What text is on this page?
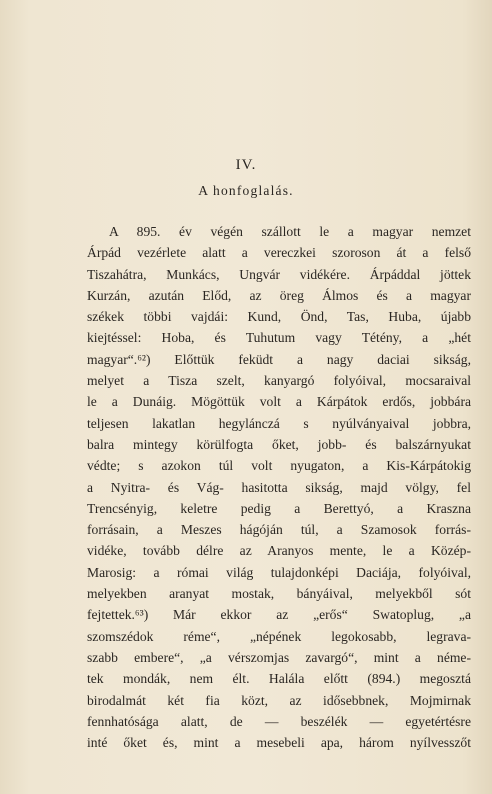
IV.
A honfoglalás.
A 895. év végén szállott le a magyar nemzet
Árpád vezérlete alatt a vereczkei szoroson át a felső
Tiszahátra, Munkács, Ungvár vidékére. Árpáddal jöttek
Kurzán, azután Előd, az öreg Álmos és a magyar
székek többi vajdái: Kund, Önd, Tas, Huba, újabb
kiejtéssel: Hoba, és Tuhutum vagy Tétény, a „hét
magyar“.⁶²) Előttük feküdt a nagy daciai sikság,
melyet a Tisza szelt, kanyargó folyóival, mocsaraival
le a Dunáig. Mögöttük volt a Kárpátok erdős, jobbára
teljesen lakatlan hegylánczá s nyúlványaival jobbra,
balra mintegy körülfogta őket, jobb- és balszárnyukat
védte; s azokon túl volt nyugaton, a Kis-Kárpátokig
a Nyitra- és Vág- hasitotta sikság, majd völgy, fel
Trencsényig, keletre pedig a Berettyó, a Kraszna
forrásain, a Meszes hágóján túl, a Szamosok forrás-
vidéke, tovább délre az Aranyos mente, le a Közép-
Marosig: a római világ tulajdonképi Daciája, folyóival,
melyekben aranyat mostak, bányáival, melyekből sót
fejtettek.⁶³) Már ekkor az „erős“ Swatoplug, „a
szomszédok réme“, „népének legokosabb, legrava-
szabb embere“, „a vérszomjas zavargó“, mint a néme-
tek mondák, nem élt. Halála előtt (894.) megosztá
birodalmát két fia közt, az idősebbnek, Mojmirnak
fennhatósága alatt, de — beszélék — egyetértésre
inté őket és, mint a mesebeli apa, három nyílvesszőt
